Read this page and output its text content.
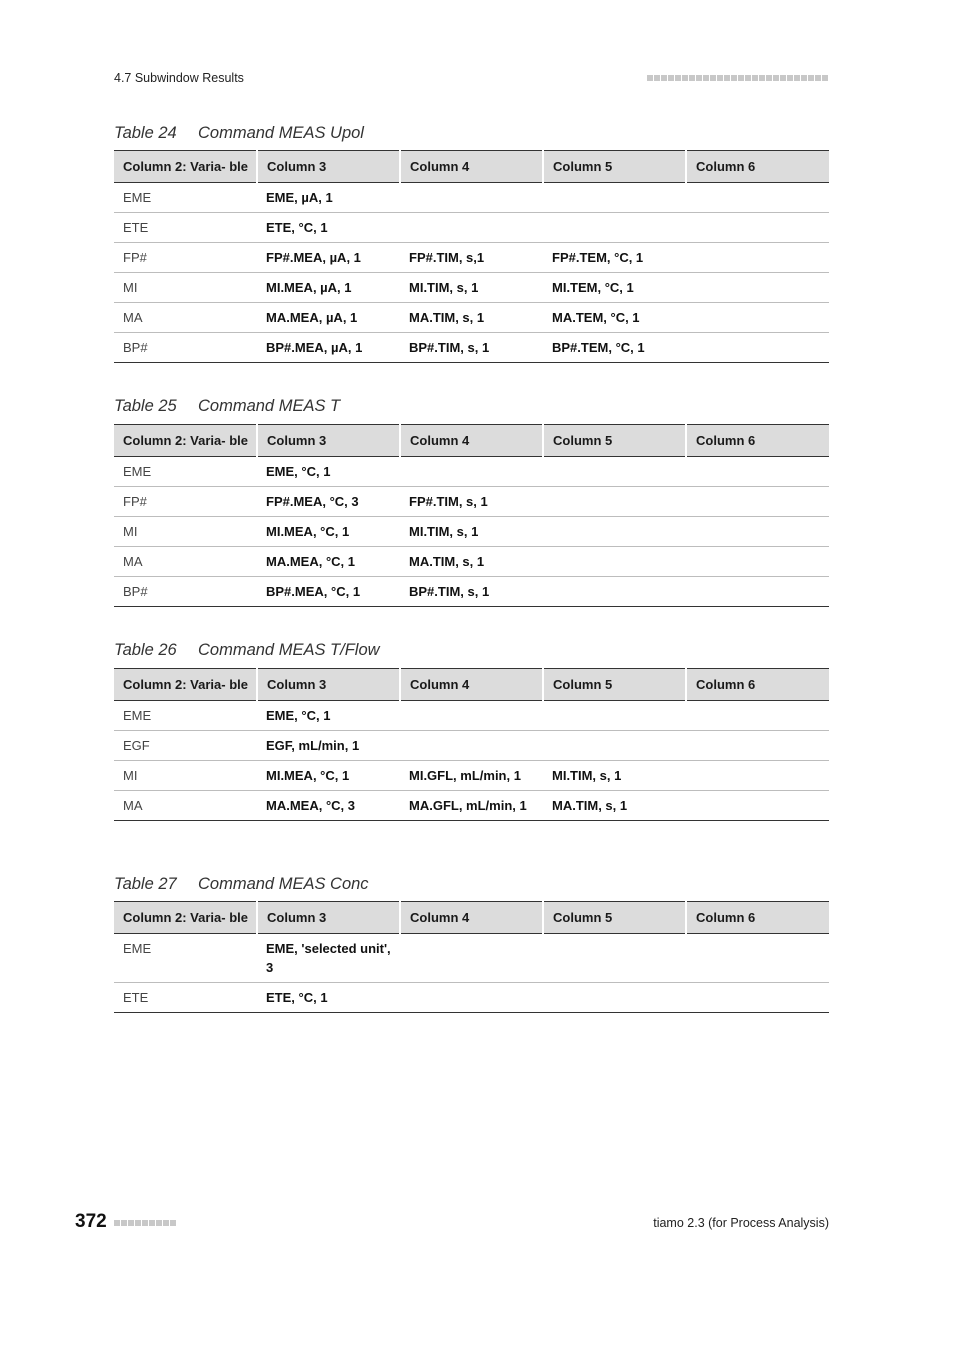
4.7 Subwindow Results
Table 24 Command MEAS Upol
Column 2: Varia- ble	Column 3	Column 4	Column 5	Column 6
EME	EME, µA, 1			
ETE	ETE, °C, 1			
FP#	FP#.MEA, µA, 1	FP#.TIM, s,1	FP#.TEM, °C, 1	
MI	MI.MEA, µA, 1	MI.TIM, s, 1	MI.TEM, °C, 1	
MA	MA.MEA, µA, 1	MA.TIM, s, 1	MA.TEM, °C, 1	
BP#	BP#.MEA, µA, 1	BP#.TIM, s, 1	BP#.TEM, °C, 1	
Table 25 Command MEAS T
Column 2: Varia- ble	Column 3	Column 4	Column 5	Column 6
EME	EME, °C, 1			
FP#	FP#.MEA, °C, 3	FP#.TIM, s, 1		
MI	MI.MEA, °C, 1	MI.TIM, s, 1		
MA	MA.MEA, °C, 1	MA.TIM, s, 1		
BP#	BP#.MEA, °C, 1	BP#.TIM, s, 1		
Table 26 Command MEAS T/Flow
Column 2: Varia- ble	Column 3	Column 4	Column 5	Column 6
EME	EME, °C, 1			
EGF	EGF, mL/min, 1			
MI	MI.MEA, °C, 1	MI.GFL, mL/min, 1	MI.TIM, s, 1	
MA	MA.MEA, °C, 3	MA.GFL, mL/min, 1	MA.TIM, s, 1	
Table 27 Command MEAS Conc
Column 2: Varia- ble	Column 3	Column 4	Column 5	Column 6
EME	EME, 'selected unit', 3			
ETE	ETE, °C, 1			
372	tiamo 2.3 (for Process Analysis)
